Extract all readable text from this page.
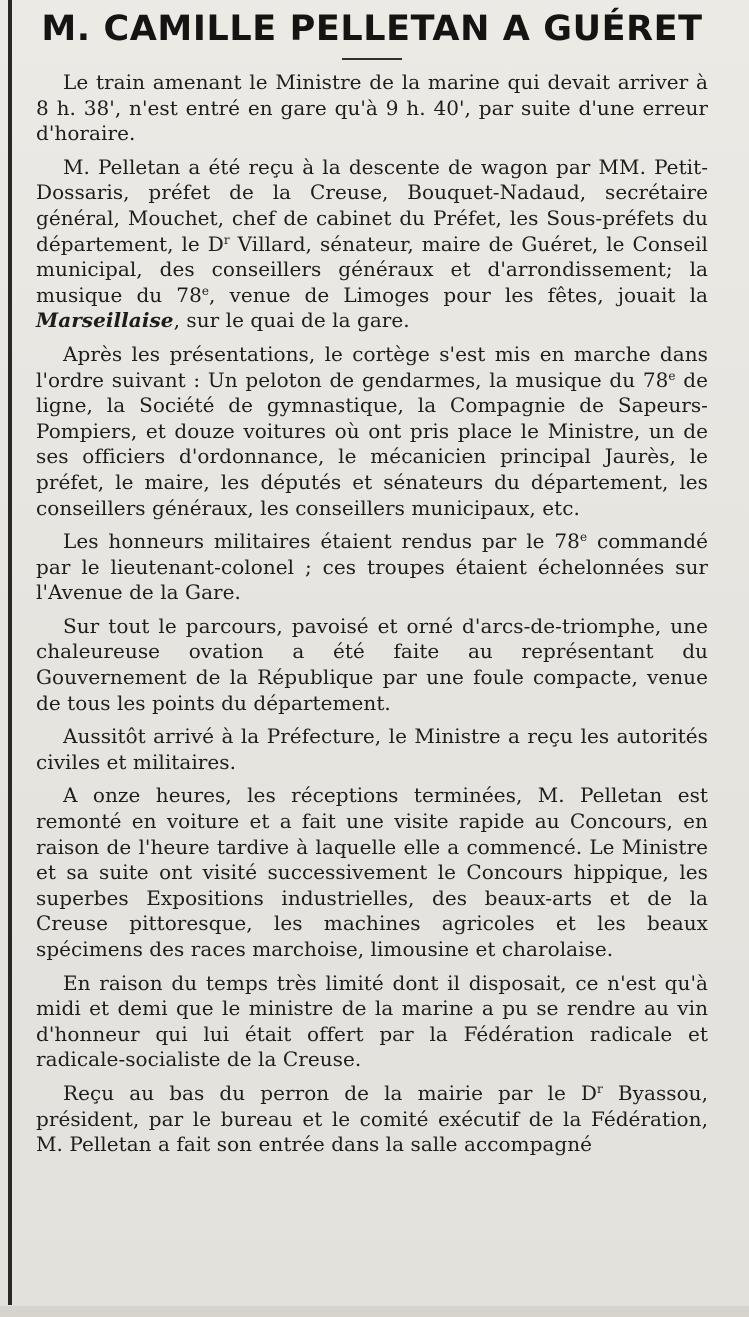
M. CAMILLE PELLETAN A GUÉRET

Le train amenant le Ministre de la marine qui devait arriver à 8 h. 38', n'est entré en gare qu'à 9 h. 40', par suite d'une erreur d'horaire.

M. Pelletan a été reçu à la descente de wagon par MM. Petit-Dossaris, préfet de la Creuse, Bouquet-Nadaud, secrétaire général, Mouchet, chef de cabinet du Préfet, les Sous-préfets du département, le $D^r$ Villard, sénateur, maire de Guéret, le Conseil municipal, des conseillers généraux et d'arrondissement; la musique du 78e, venue de Limoges pour les fêtes, jouait la Marseillaise, sur le quai de la gare.

Après les présentations, le cortège s'est mis en marche dans l'ordre suivant : Un peloton de gendarmes, la musique du 78e de ligne, la Société de gymnastique, la Compagnie de Sapeurs-Pompiers, et douze voitures où ont pris place le Ministre, un de ses officiers d'ordonnance, le mécanicien principal Jaurès, le préfet, le maire, les députés et sénateurs du département, les conseillers généraux, les conseillers municipaux, etc.

Les honneurs militaires étaient rendus par le 78e commandé par le lieutenant-colonel ; ces troupes étaient échelonnées sur l'Avenue de la Gare.

Sur tout le parcours, pavoisé et orné d'arcs-de-triomphe, une chaleureuse ovation a été faite au représentant du Gouvernement de la République par une foule compacte, venue de tous les points du département.

Aussitôt arrivé à la Préfecture, le Ministre a reçu les autorités civiles et militaires.

A onze heures, les réceptions terminées, M. Pelletan est remonté en voiture et a fait une visite rapide au Concours, en raison de l'heure tardive à laquelle elle a commencé. Le Ministre et sa suite ont visité successivement le Concours hippique, les superbes Expositions industrielles, des beaux-arts et de la Creuse pittoresque, les machines agricoles et les beaux spécimens des races marchoise, limousine et charolaise.

En raison du temps très limité dont il disposait, ce n'est qu'à midi et demi que le ministre de la marine a pu se rendre au vin d'honneur qui lui était offert par la Fédération radicale et radicale-socialiste de la Creuse.

Reçu au bas du perron de la mairie par le $D^r$ Byassou, président, par le bureau et le comité exécutif de la Fédération, M. Pelletan a fait son entrée dans la salle accompagné
